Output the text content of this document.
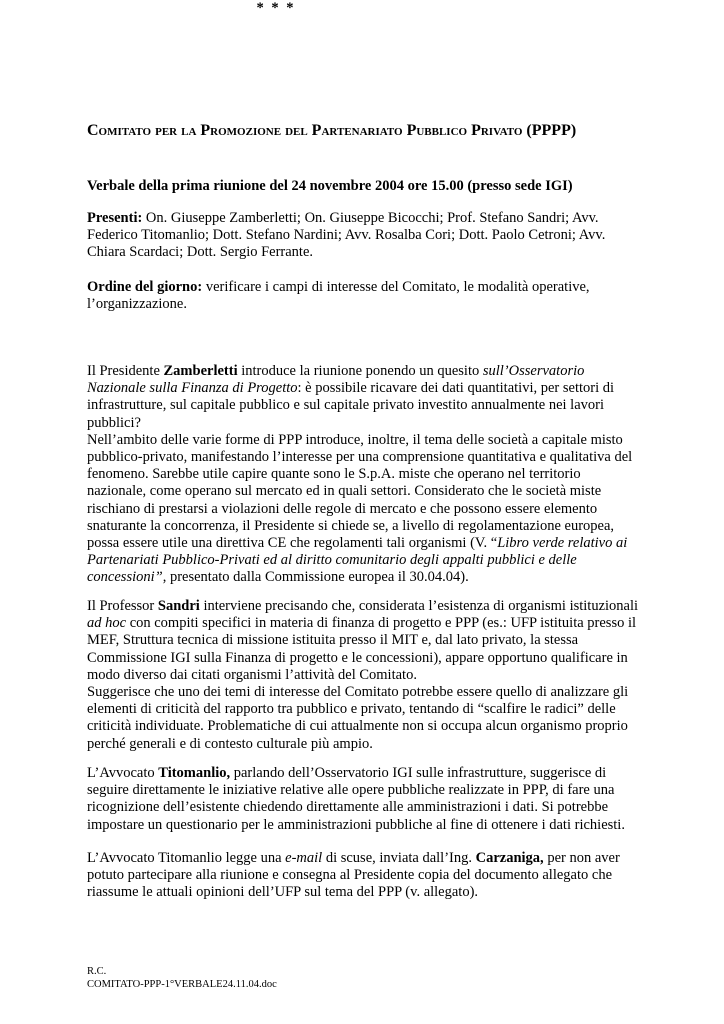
Comitato per la Promozione del Partenariato Pubblico Privato (PPPP)

Verbale della prima riunione del 24 novembre 2004 ore 15.00 (presso sede IGI)

Presenti: On. Giuseppe Zamberletti; On. Giuseppe Bicocchi; Prof. Stefano Sandri; Avv. Federico Titomanlio; Dott. Stefano Nardini; Avv. Rosalba Cori; Dott. Paolo Cetroni; Avv. Chiara Scardaci; Dott. Sergio Ferrante.

Ordine del giorno: verificare i campi di interesse del Comitato, le modalità operative, l’organizzazione.

* * *

Il Presidente Zamberletti introduce la riunione ponendo un quesito sull’Osservatorio Nazionale sulla Finanza di Progetto: è possibile ricavare dei dati quantitativi, per settori di infrastrutture, sul capitale pubblico e sul capitale privato investito annualmente nei lavori pubblici?
Nell’ambito delle varie forme di PPP introduce, inoltre, il tema delle società a capitale misto pubblico-privato, manifestando l’interesse per una comprensione quantitativa e qualitativa del fenomeno. Sarebbe utile capire quante sono le S.p.A. miste che operano nel territorio nazionale, come operano sul mercato ed in quali settori. Considerato che le società miste rischiano di prestarsi a violazioni delle regole di mercato e che possono essere elemento snaturante la concorrenza, il Presidente si chiede se, a livello di regolamentazione europea, possa essere utile una direttiva CE che regolamenti tali organismi (V. “Libro verde relativo ai Partenariati Pubblico-Privati ed al diritto comunitario degli appalti pubblici e delle concessioni”, presentato dalla Commissione europea il 30.04.04).

Il Professor Sandri interviene precisando che, considerata l’esistenza di organismi istituzionali ad hoc con compiti specifici in materia di finanza di progetto e PPP (es.: UFP istituita presso il MEF, Struttura tecnica di missione istituita presso il MIT e, dal lato privato, la stessa Commissione IGI sulla Finanza di progetto e le concessioni), appare opportuno qualificare in modo diverso dai citati organismi l’attività del Comitato.
Suggerisce che uno dei temi di interesse del Comitato potrebbe essere quello di analizzare gli elementi di criticità del rapporto tra pubblico e privato, tentando di “scalfire le radici” delle criticità individuate. Problematiche di cui attualmente non si occupa alcun organismo proprio perché generali e di contesto culturale più ampio.

L’Avvocato Titomanlio, parlando dell’Osservatorio IGI sulle infrastrutture, suggerisce di seguire direttamente le iniziative relative alle opere pubbliche realizzate in PPP, di fare una ricognizione dell’esistente chiedendo direttamente alle amministrazioni i dati. Si potrebbe impostare un questionario per le amministrazioni pubbliche al fine di ottenere i dati richiesti.

L’Avvocato Titomanlio legge una e-mail di scuse, inviata dall’Ing. Carzaniga, per non aver potuto partecipare alla riunione e consegna al Presidente copia del documento allegato che riassume le attuali opinioni dell’UFP sul tema del PPP (v. allegato).

R.C.
COMITATO-PPP-1°VERBALE24.11.04.doc
